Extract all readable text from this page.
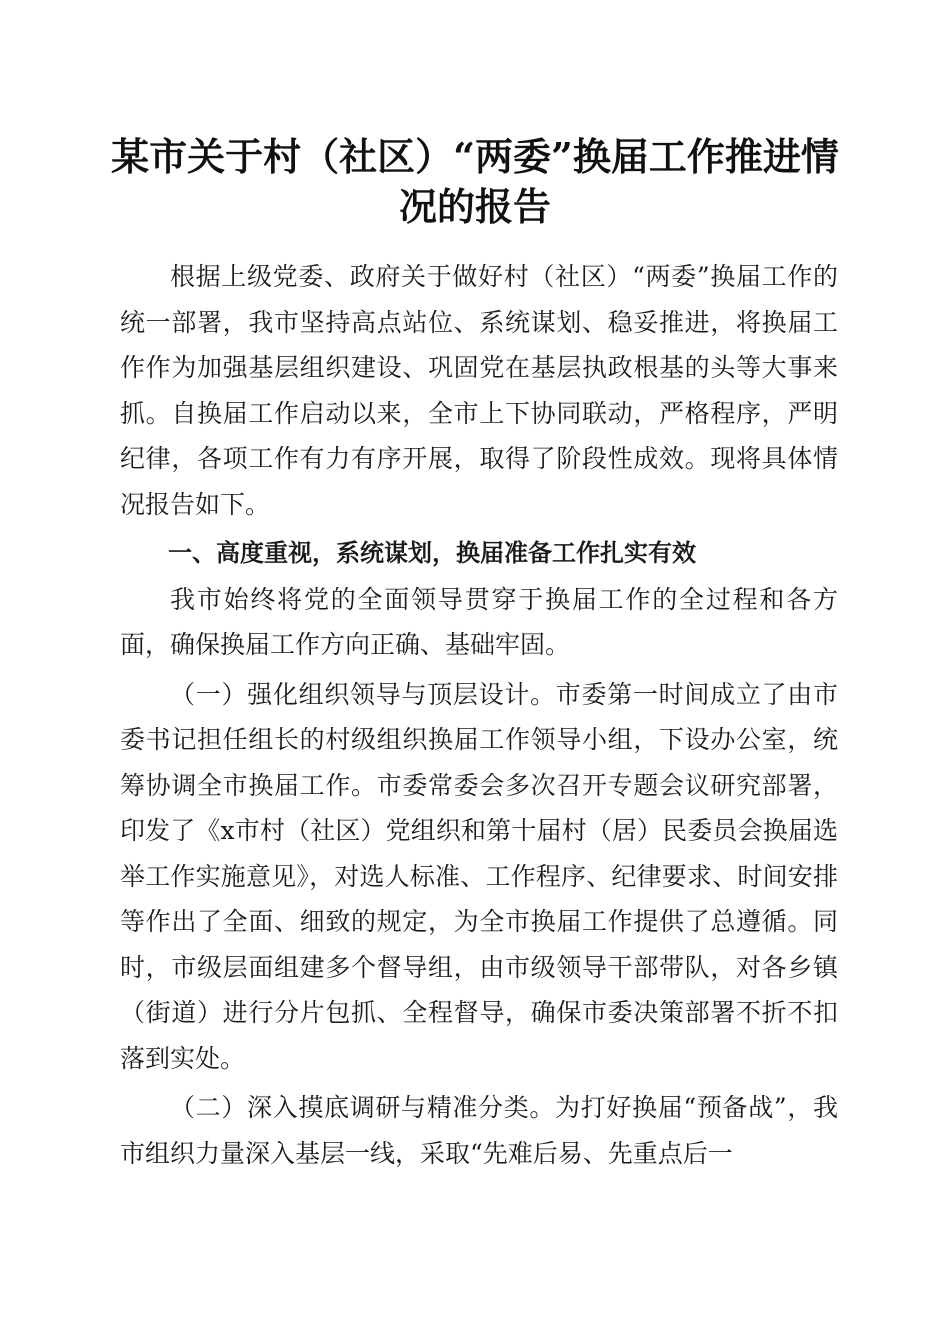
某市关于村（社区）“两委”换届工作推进情况的报告

根据上级党委、政府关于做好村（社区）“两委”换届工作的统一部署，我市坚持高点站位、系统谋划、稳妥推进，将换届工作作为加强基层组织建设、巩固党在基层执政根基的头等大事来抓。自换届工作启动以来，全市上下协同联动，严格程序，严明纪律，各项工作有力有序开展，取得了阶段性成效。现将具体情况报告如下。

一、高度重视，系统谋划，换届准备工作扎实有效

我市始终将党的全面领导贯穿于换届工作的全过程和各方面，确保换届工作方向正确、基础牢固。

（一）强化组织领导与顶层设计。市委第一时间成立了由市委书记担任组长的村级组织换届工作领导小组，下设办公室，统筹协调全市换届工作。市委常委会多次召开专题会议研究部署，印发了《x市村（社区）党组织和第十届村（居）民委员会换届选举工作实施意见》，对选人标准、工作程序、纪律要求、时间安排等作出了全面、细致的规定，为全市换届工作提供了总遵循。同时，市级层面组建多个督导组，由市级领导干部带队，对各乡镇（街道）进行分片包抓、全程督导，确保市委决策部署不折不扣落到实处。

（二）深入摸底调研与精准分类。为打好换届“预备战”，我市组织力量深入基层一线，采取“先难后易、先重点后一
